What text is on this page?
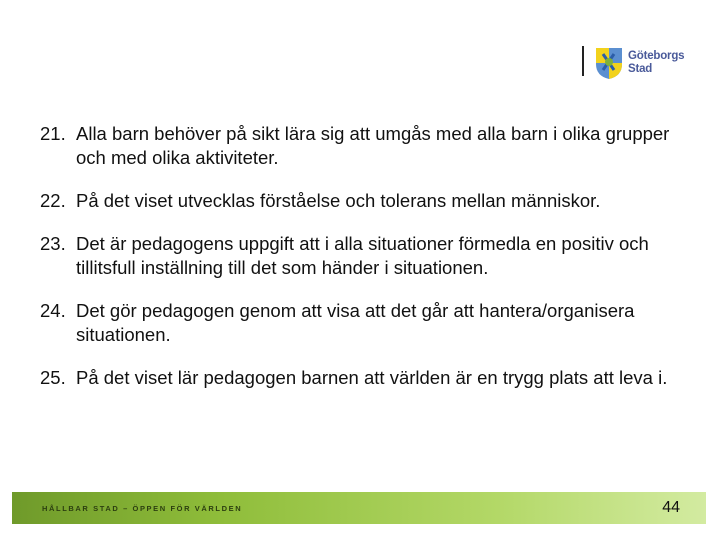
Göteborgs
Stad
21. Alla barn behöver på sikt lära sig att umgås med alla barn i olika grupper och med olika aktiviteter.
22. På det viset utvecklas förståelse och tolerans mellan människor.
23. Det är pedagogens uppgift att i alla situationer förmedla en positiv och tillitsfull inställning till det som händer i situationen.
24. Det gör pedagogen genom att visa att det går att hantera/organisera situationen.
25. På det viset lär pedagogen barnen att världen är en trygg plats att leva i.
HÅLLBAR STAD – ÖPPEN FÖR VÄRLDEN	44
